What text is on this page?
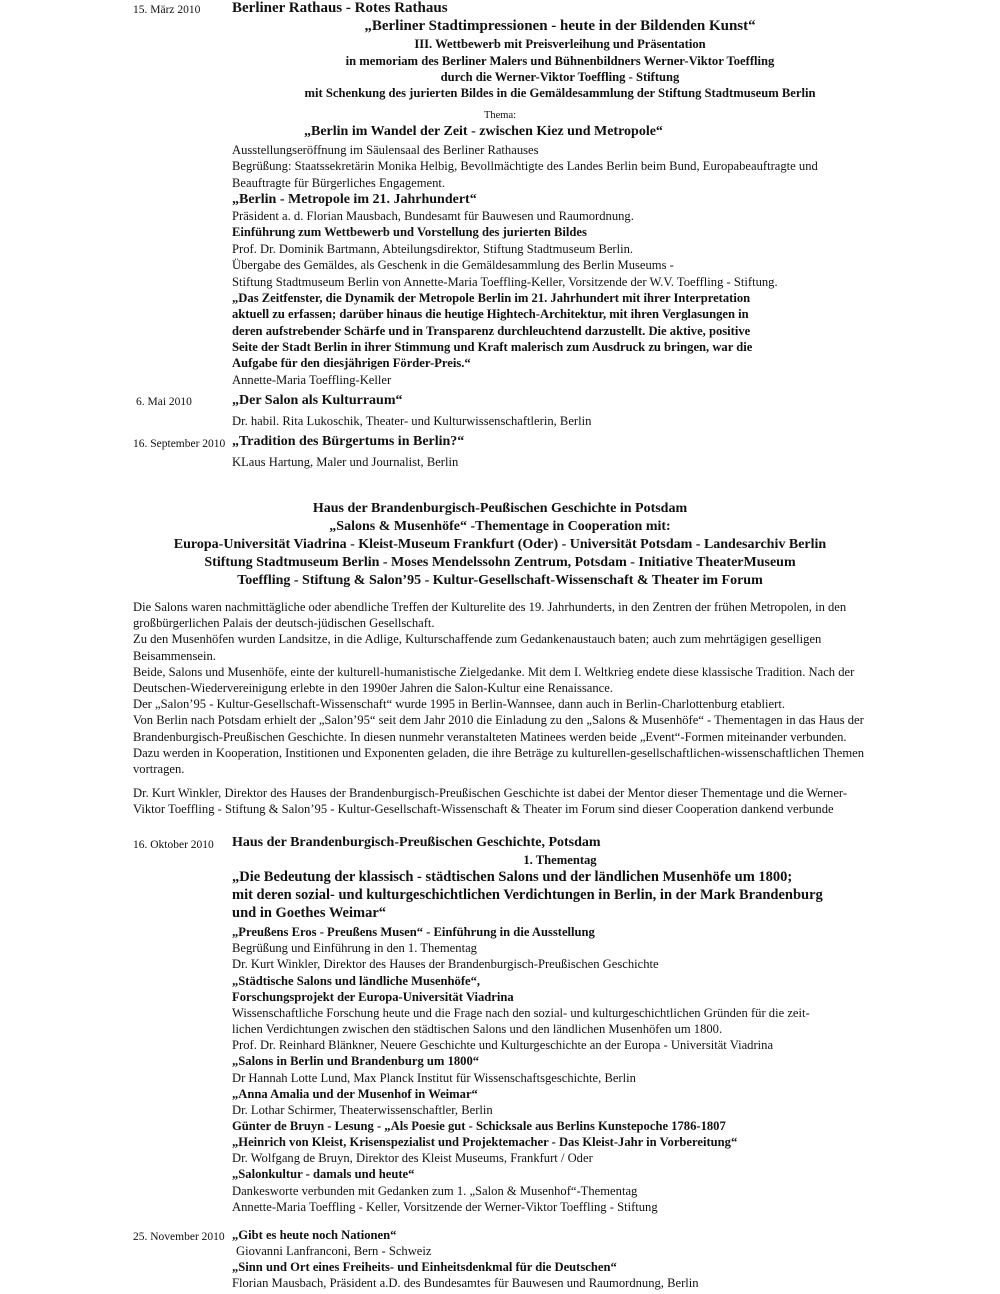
15. März 2010 Berliner Rathaus - Rotes Rathaus
„Berliner Stadtimpressionen - heute in der Bildenden Kunst“
III. Wettbewerb mit Preisverleihung und Präsentation
in memoriam des Berliner Malers und Bühnenbildners Werner-Viktor Toeffling
durch die Werner-Viktor Toeffling - Stiftung
mit Schenkung des jurierten Bildes in die Gemäldesammlung der Stiftung Stadtmuseum Berlin
Thema:
„Berlin im Wandel der Zeit - zwischen Kiez und Metropole“
Ausstellungseröffnung im Säulensaal des Berliner Rathauses
Begrüßung: Staatssekretärin Monika Helbig, Bevollmächtigte des Landes Berlin beim Bund, Europabeauftragte und
Beauftragte für Bürgerliches Engagement.
„Berlin - Metropole im 21. Jahrhundert“
Präsident a. d. Florian Mausbach, Bundesamt für Bauwesen und Raumordnung.
Einführung zum Wettbewerb und Vorstellung des jurierten Bildes
Prof. Dr. Dominik Bartmann, Abteilungsdirektor, Stiftung Stadtmuseum Berlin.
Übergabe des Gemäldes, als Geschenk in die Gemäldesammlung des Berlin Museums -
Stiftung Stadtmuseum Berlin von Annette-Maria Toeffling-Keller, Vorsitzende der W.V. Toeffling - Stiftung.
„Das Zeitfenster, die Dynamik der Metropole Berlin im 21. Jahrhundert mit ihrer Interpretation
aktuell zu erfassen; darüber hinaus die heutige Hightech-Architektur, mit ihren Verglasungen in
deren aufstrebender Schärfe und in Transparenz durchleuchtend darzustellt. Die aktive, positive
Seite der Stadt Berlin in ihrer Stimmung und Kraft malerisch zum Ausdruck zu bringen, war die
Aufgabe für den diesjährigen Förder-Preis.“
Annette-Maria Toeffling-Keller
6. Mai 2010	„Der Salon als Kulturraum“
Dr. habil. Rita Lukoschik, Theater- und Kulturwissenschaftlerin, Berlin
16. September 2010 „Tradition des Bürgertums in Berlin?“
KLaus Hartung, Maler und Journalist, Berlin
Haus der Brandenburgisch-Peußischen Geschichte in Potsdam
„Salons & Musenhöfe“ -Thementage in Cooperation mit:
Europa-Universität Viadrina - Kleist-Museum Frankfurt (Oder) - Universität Potsdam - Landesarchiv Berlin
Stiftung Stadtmuseum Berlin - Moses Mendelssohn Zentrum, Potsdam - Initiative TheaterMuseum
Toeffling - Stiftung & Salon’95 - Kultur-Gesellschaft-Wissenschaft & Theater im Forum

Die Salons waren nachmittägliche oder abendliche Treffen der Kulturelite des 19. Jahrhunderts, in den Zentren der frühen Metropolen, in den großbürgerlichen Palais der deutsch-jüdischen Gesellschaft.

Zu den Musenhöfen wurden Landsitze, in die Adlige, Kulturschaffende zum Gedankenaustauch baten; auch zum mehrtägigen geselligen Beisammensein.

Beide, Salons und Musenhöfe, einte der kulturell-humanistische Zielgedanke. Mit dem I. Weltkrieg endete diese klassische Tradition. Nach der Deutschen-Wiedervereinigung erlebte in den 1990er Jahren die Salon-Kultur eine Renaissance.

Der „Salon’95 - Kultur-Gesellschaft-Wissenschaft“ wurde 1995 in Berlin-Wannsee, dann auch in Berlin-Charlottenburg etabliert.

Von Berlin nach Potsdam erhielt der „Salon’95“ seit dem Jahr 2010 die Einladung zu den „Salons & Musenhöfe“ - Thementagen in das Haus der Brandenburgisch-Preußischen Geschichte. In diesen nunmehr veranstalteten Matinees werden beide „Event“-Formen miteinander verbunden. Dazu werden in Kooperation, Institionen und Exponenten geladen, die ihre Beträge zu kulturellen-gesellschaftlichen-wissenschaftlichen Themen vortragen.

Dr. Kurt Winkler, Direktor des Hauses der Brandenburgisch-Preußischen Geschichte ist dabei der Mentor dieser Thementage und die Werner-Viktor Toeffling - Stiftung & Salon’95 - Kultur-Gesellschaft-Wissenschaft & Theater im Forum sind dieser Cooperation dankend verbunde

16. Oktober 2010 Haus der Brandenburgisch-Preußischen Geschichte, Potsdam
1. Thementag
„Die Bedeutung der klassisch - städtischen Salons und der ländlichen Musenhöfe um 1800;
mit deren sozial- und kulturgeschichtlichen Verdichtungen in Berlin, in der Mark Brandenburg
und in Goethes Weimar“
„Preußens Eros - Preußens Musen“ - Einführung in die Ausstellung
Begrüßung und Einführung in den 1. Thementag
Dr. Kurt Winkler, Direktor des Hauses der Brandenburgisch-Preußischen Geschichte
„Städtische Salons und ländliche Musenhöfe“,
Forschungsprojekt der Europa-Universität Viadrina
Wissenschaftliche Forschung heute und die Frage nach den sozial- und kulturgeschichtlichen Gründen für die zeit-
lichen Verdichtungen zwischen den städtischen Salons und den ländlichen Musenhöfen um 1800.
Prof. Dr. Reinhard Blänkner, Neuere Geschichte und Kulturgeschichte an der Europa - Universität Viadrina
„Salons in Berlin und Brandenburg um 1800“
Dr Hannah Lotte Lund, Max Planck Institut für Wissenschaftsgeschichte, Berlin
„Anna Amalia und der Musenhof in Weimar“
Dr. Lothar Schirmer, Theaterwissenschaftler, Berlin
Günter de Bruyn - Lesung - „Als Poesie gut - Schicksale aus Berlins Kunstepoche 1786-1807
„Heinrich von Kleist, Krisenspezialist und Projektemacher - Das Kleist-Jahr in Vorbereitung“
Dr. Wolfgang de Bruyn, Direktor des Kleist Museums, Frankfurt / Oder
„Salonkultur - damals und heute“
Dankesworte verbunden mit Gedanken zum 1. „Salon & Musenhof“-Thementag
Annette-Maria Toeffling - Keller, Vorsitzende der Werner-Viktor Toeffling - Stiftung
25. November 2010 „Gibt es heute noch Nationen“
Giovanni Lanfranconi, Bern - Schweiz
„Sinn und Ort eines Freiheits- und Einheitsdenkmal für die Deutschen“
Florian Mausbach, Präsident a.D. des Bundesamtes für Bauwesen und Raumordnung, Berlin
